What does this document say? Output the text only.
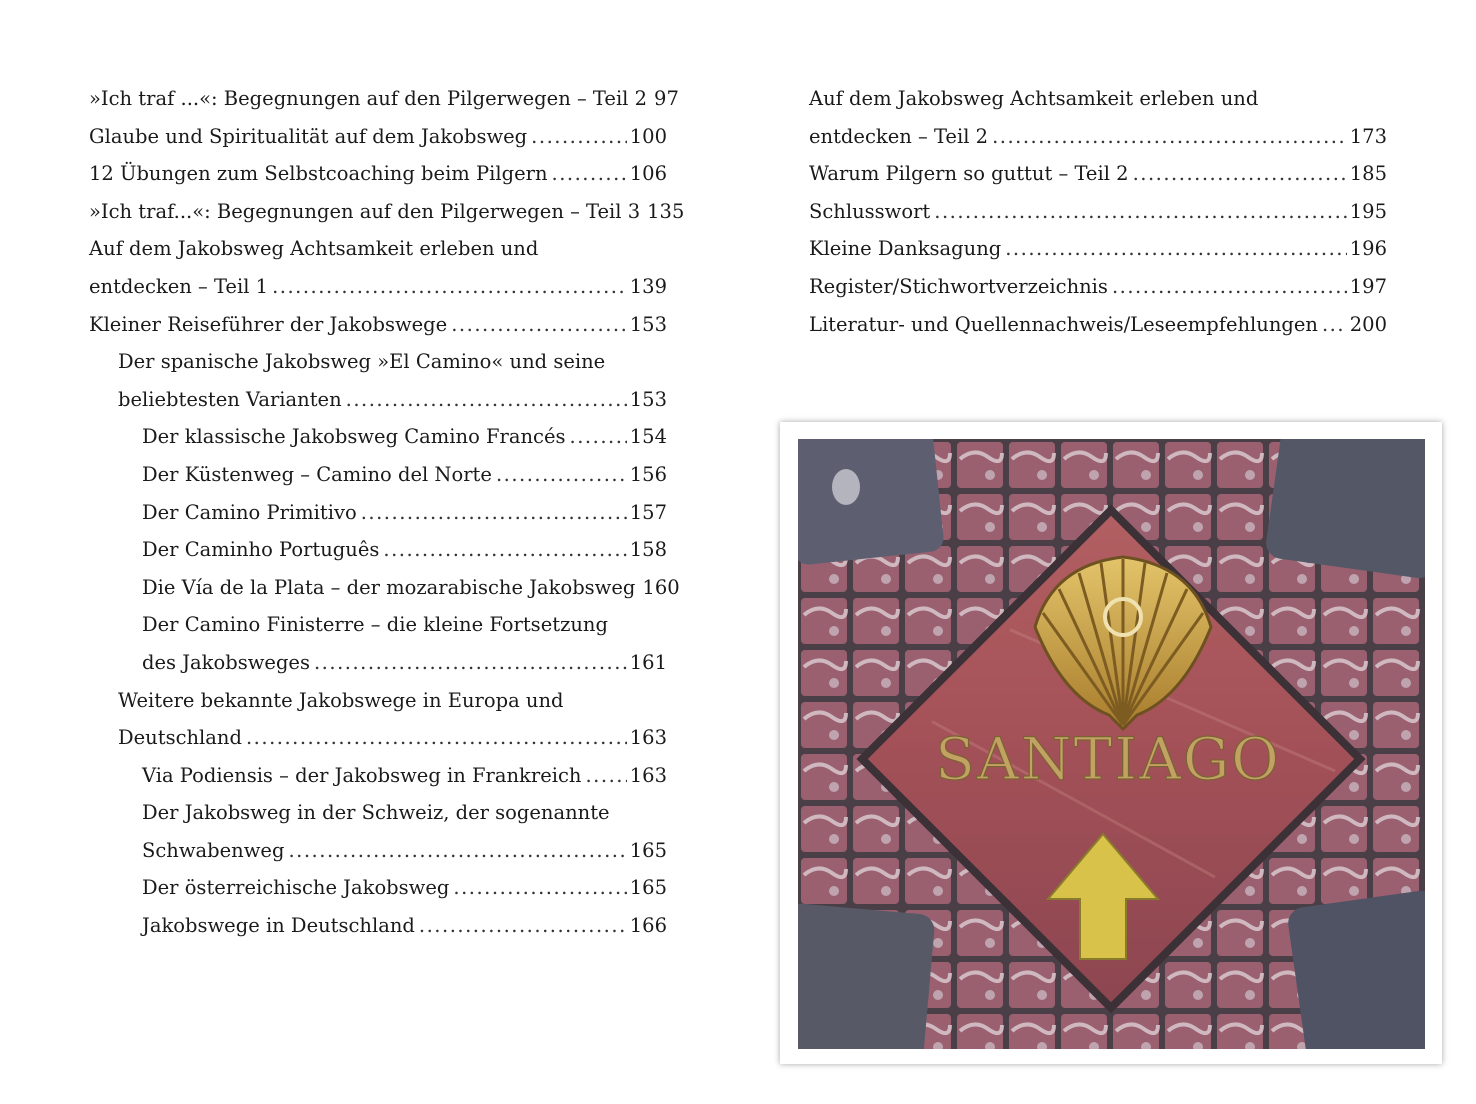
»Ich traf ...«: Begegnungen auf den Pilgerwegen – Teil 2 97
Glaube und Spiritualität auf dem Jakobsweg .....	100
12 Übungen zum Selbstcoaching beim Pilgern .....	106
»Ich traf...«: Begegnungen auf den Pilgerwegen – Teil 3 135
Auf dem Jakobsweg Achtsamkeit erleben und
entdecken – Teil 1 .....	139
Kleiner Reiseführer der Jakobswege .....	153
Der spanische Jakobsweg »El Camino« und seine
beliebtesten Varianten .....	153
Der klassische Jakobsweg Camino Francés .....	154
Der Küstenweg – Camino del Norte .....	156
Der Camino Primitivo .....	157
Der Caminho Português .....	158
Die Vía de la Plata – der mozarabische Jakobsweg 160
Der Camino Finisterre – die kleine Fortsetzung
des Jakobsweges .....	161
Weitere bekannte Jakobswege in Europa und
Deutschland .....	163
Via Podiensis – der Jakobsweg in Frankreich ..... 163
Der Jakobsweg in der Schweiz, der sogenannte
Schwabenweg .....	165
Der österreichische Jakobsweg .....	165
Jakobswege in Deutschland .....	166
Auf dem Jakobsweg Achtsamkeit erleben und
entdecken – Teil 2 .....	173
Warum Pilgern so guttut – Teil 2 .....	185
Schlusswort .....	195
Kleine Danksagung .....	196
Register/Stichwortverzeichnis .....	197
Literatur- und Quellennachweis/Leseempfehlungen ..... 200
SANTIAGO
